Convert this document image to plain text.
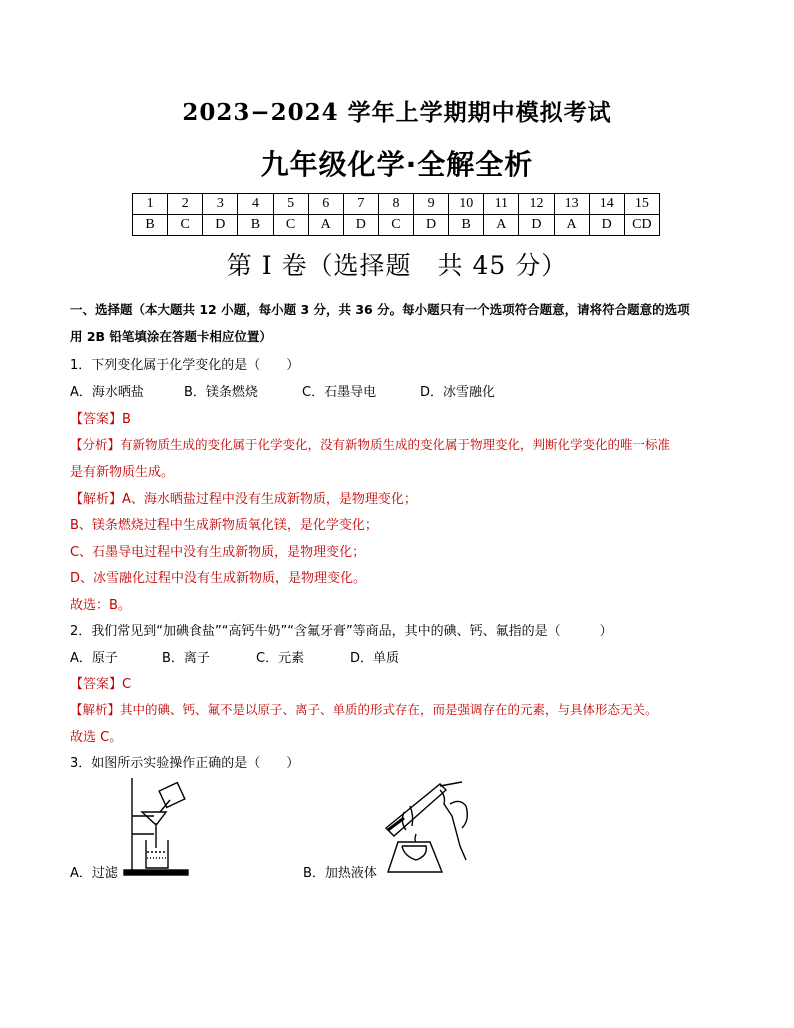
2023−2024 学年上学期期中模拟考试
九年级化学·全解全析
1	2	3	4	5	6	7	8	9	10	11	12	13	14	15
B	C	D	B	C	A	D	C	D	B	A	D	A	D	CD
第 I 卷（选择题　共 45 分）
一、选择题（本大题共 12 小题，每小题 3 分，共 36 分。每小题只有一个选项符合题意，请将符合题意的选项
用 2B 铅笔填涂在答题卡相应位置）
1．下列变化属于化学变化的是（　　）
A．海水晒盐	B．镁条燃烧	C．石墨导电	D．冰雪融化
【答案】B
【分析】有新物质生成的变化属于化学变化，没有新物质生成的变化属于物理变化，判断化学变化的唯一标准
是有新物质生成。
【解析】A、海水晒盐过程中没有生成新物质，是物理变化；
B、镁条燃烧过程中生成新物质氧化镁，是化学变化；
C、石墨导电过程中没有生成新物质，是物理变化；
D、冰雪融化过程中没有生成新物质，是物理变化。
故选：B。
2．我们常见到“加碘食盐”“高钙牛奶”“含氟牙膏”等商品，其中的碘、钙、氟指的是（　　　）
A．原子	B．离子	C．元素	D．单质
【答案】C
【解析】其中的碘、钙、氟不是以原子、离子、单质的形式存在，而是强调存在的元素，与具体形态无关。
故选 C。
3．如图所示实验操作正确的是（　　）
A．过滤	B．加热液体
